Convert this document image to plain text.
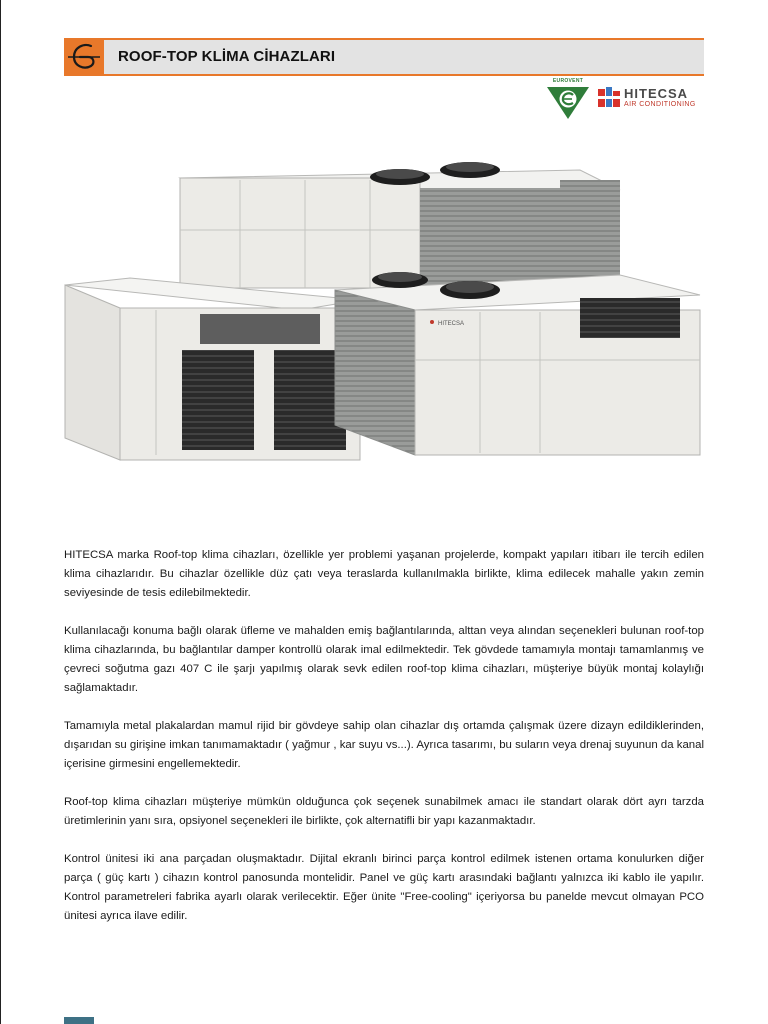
ROOF-TOP KLİMA CİHAZLARI
EUROVENT
HITECSA
AIR CONDITIONING
HITECSA

HITECSA marka Roof-top klima cihazları, özellikle yer problemi yaşanan projelerde, kompakt yapıları itibarı ile tercih edilen klima cihazlarıdır. Bu cihazlar özellikle düz çatı veya teraslarda kullanılmakla birlikte, klima edilecek mahalle yakın zemin seviyesinde de tesis edilebilmektedir.

Kullanılacağı konuma bağlı olarak üfleme ve mahalden emiş bağlantılarında, alttan veya alından seçenekleri bulunan roof-top klima cihazlarında, bu bağlantılar damper kontrollü olarak imal edilmektedir. Tek gövdede tamamıyla montajı tamamlanmış ve çevreci soğutma gazı 407 C ile şarjı yapılmış olarak sevk edilen roof-top klima cihazları, müşteriye büyük montaj kolaylığı sağlamaktadır.

Tamamıyla metal plakalardan mamul rijid bir gövdeye sahip olan cihazlar dış ortamda çalışmak üzere dizayn edildiklerinden, dışarıdan su girişine imkan tanımamaktadır ( yağmur , kar suyu vs...). Ayrıca tasarımı, bu suların veya drenaj suyunun da kanal içerisine girmesini engellemektedir.

Roof-top klima cihazları müşteriye mümkün olduğunca çok seçenek sunabilmek amacı ile standart olarak dört ayrı tarzda üretimlerinin yanı sıra, opsiyonel seçenekleri ile birlikte, çok alternatifli bir yapı kazanmaktadır.

Kontrol ünitesi iki ana parçadan oluşmaktadır. Dijital ekranlı birinci parça kontrol edilmek istenen ortama konulurken diğer parça ( güç kartı ) cihazın kontrol panosunda montelidir. Panel ve güç kartı arasındaki bağlantı yalnızca iki kablo ile yapılır. Kontrol parametreleri fabrika ayarlı olarak verilecektir. Eğer ünite "Free-cooling" içeriyorsa bu panelde mevcut olmayan PCO ünitesi ayrıca ilave edilir.
